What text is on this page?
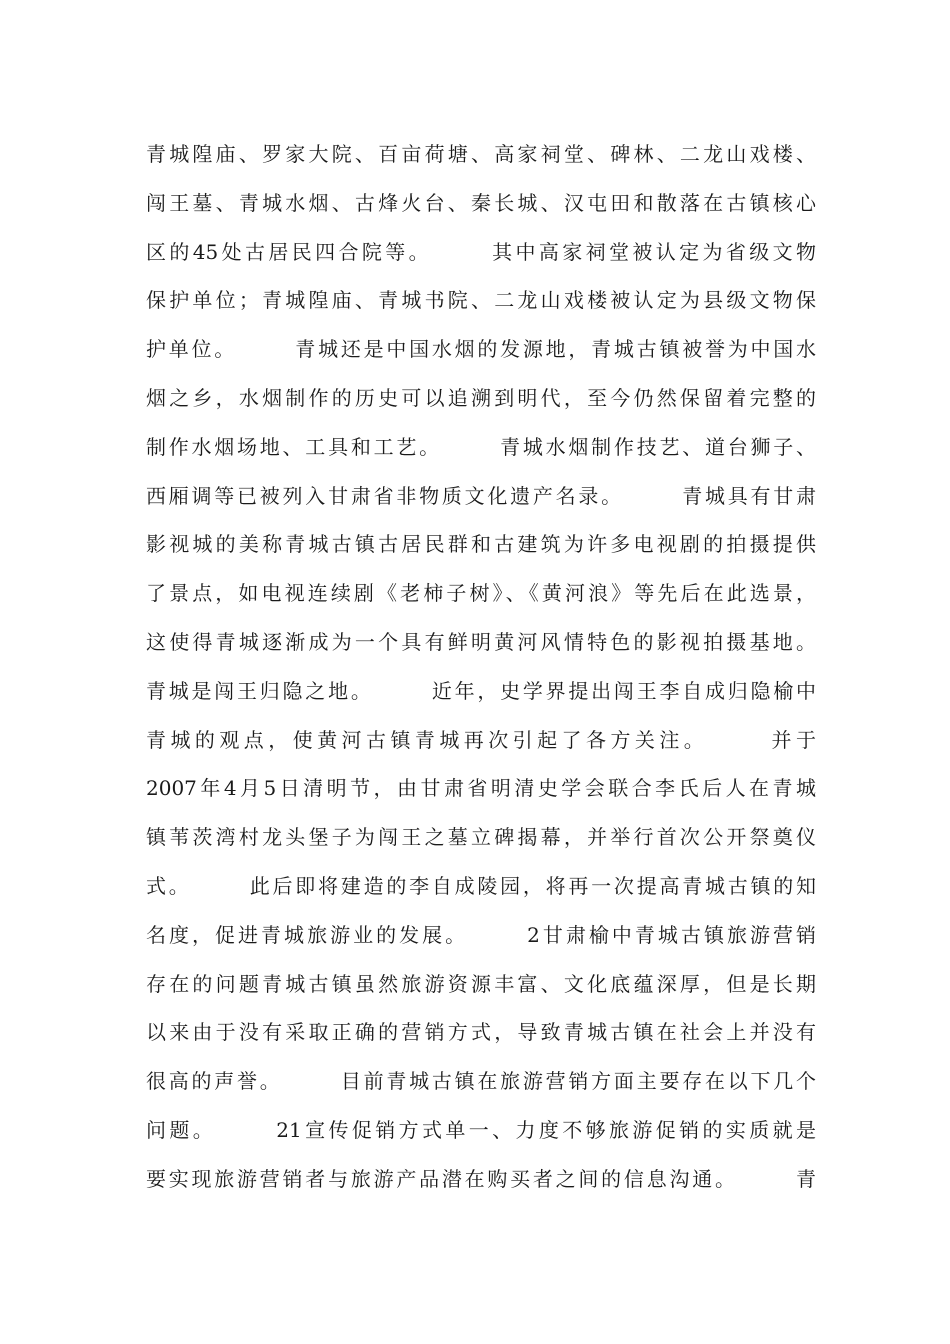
青城隍庙、罗家大院、百亩荷塘、高家祠堂、碑林、二龙山戏楼、
闯王墓、青城水烟、古烽火台、秦长城、汉屯田和散落在古镇核心
区的45处古居民四合院等。　　　其中高家祠堂被认定为省级文物
保护单位；青城隍庙、青城书院、二龙山戏楼被认定为县级文物保
护单位。　　　青城还是中国水烟的发源地，青城古镇被誉为中国水
烟之乡，水烟制作的历史可以追溯到明代，至今仍然保留着完整的
制作水烟场地、工具和工艺。　　　青城水烟制作技艺、道台狮子、
西厢调等已被列入甘肃省非物质文化遗产名录。　　　青城具有甘肃
影视城的美称青城古镇古居民群和古建筑为许多电视剧的拍摄提供
了景点，如电视连续剧《老柿子树》、《黄河浪》等先后在此选景，
这使得青城逐渐成为一个具有鲜明黄河风情特色的影视拍摄基地。
青城是闯王归隐之地。　　　近年，史学界提出闯王李自成归隐榆中
青城的观点，使黄河古镇青城再次引起了各方关注。　　　并于
2007年4月5日清明节，由甘肃省明清史学会联合李氏后人在青城
镇苇茨湾村龙头堡子为闯王之墓立碑揭幕，并举行首次公开祭奠仪
式。　　　此后即将建造的李自成陵园，将再一次提高青城古镇的知
名度，促进青城旅游业的发展。　　　2甘肃榆中青城古镇旅游营销
存在的问题青城古镇虽然旅游资源丰富、文化底蕴深厚，但是长期
以来由于没有采取正确的营销方式，导致青城古镇在社会上并没有
很高的声誉。　　　目前青城古镇在旅游营销方面主要存在以下几个
问题。　　　21宣传促销方式单一、力度不够旅游促销的实质就是
要实现旅游营销者与旅游产品潜在购买者之间的信息沟通。　　　青
